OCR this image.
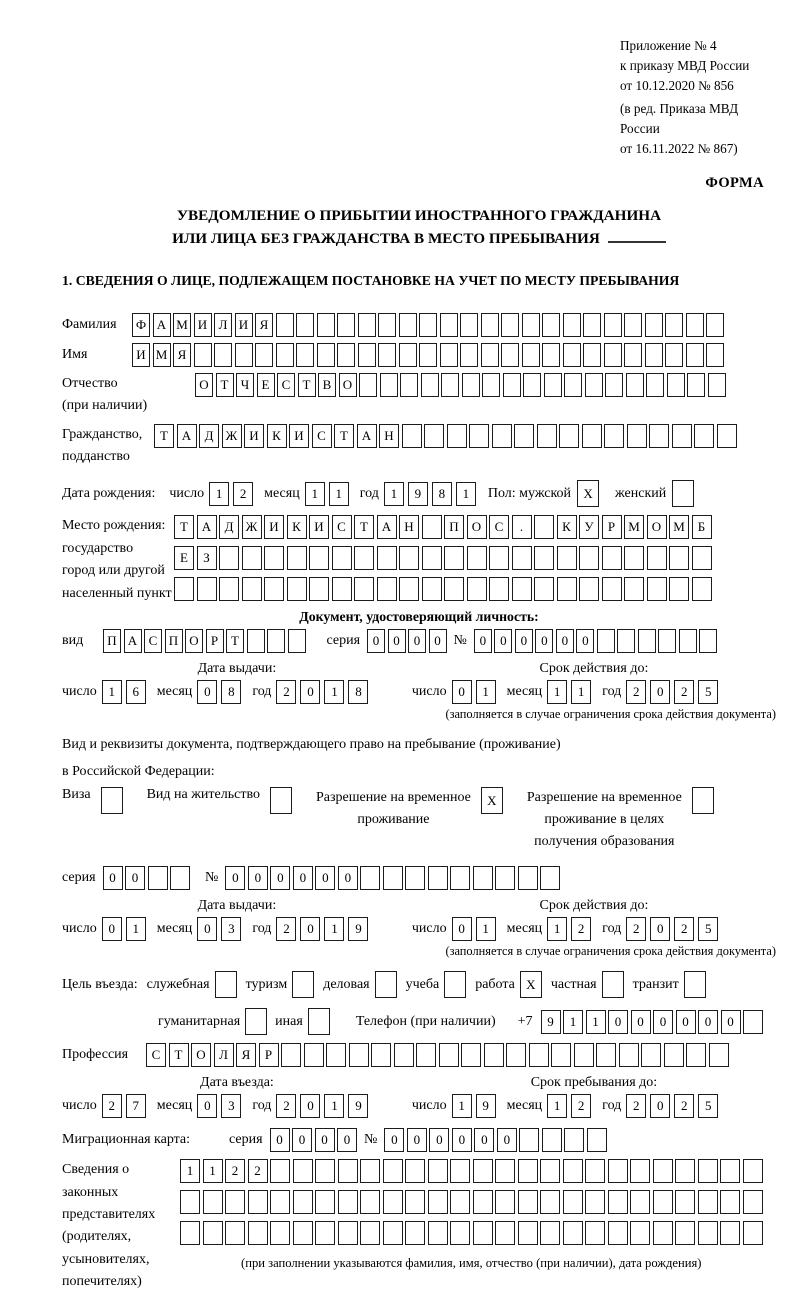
Приложение № 4
к приказу МВД России
от 10.12.2020 № 856
(в ред. Приказа МВД России
от 16.11.2022 № 867)
ФОРМА
УВЕДОМЛЕНИЕ О ПРИБЫТИИ ИНОСТРАННОГО ГРАЖДАНИНА
ИЛИ ЛИЦА БЕЗ ГРАЖДАНСТВА В МЕСТО ПРЕБЫВАНИЯ
1. СВЕДЕНИЯ О ЛИЦЕ, ПОДЛЕЖАЩЕМ ПОСТАНОВКЕ НА УЧЕТ ПО МЕСТУ ПРЕБЫВАНИЯ
Фамилия	Ф А М И Л И Я
Имя	И М Я
Отчество
(при наличии)
О Т Ч Е С Т В О
Гражданство,
подданство
Т	А	Д Ж И	К	И	С	Т	А	Н
Дата рождения: число 1	2	месяц 1	1	год 1	9	8	1	Пол: мужской X	женский
Место рождения:
государство
город или другой
населенный пункт
Т	А	Д Ж И	К	И	С	Т	А	Н	П	О	С	.	К	У	Р	М О М Б
Е	З
Документ, удостоверяющий личность:
вид	П А С П О Р Т	серия 0	0	0	0 № 0	0	0	0	0	0
Дата выдачи:
число 1	6	месяц 0	8	год 2	0	1	8
Срок действия до:
число 0	1	месяц 1	1	год 2	0	2	5
(заполняется в случае ограничения срока действия документа)
Вид и реквизиты документа, подтверждающего право на пребывание (проживание)
в Российской Федерации:
Виза	Вид на жительство	Разрешение на временное
проживание
X	Разрешение на временное
проживание в целях
получения образования
серия	0	0	№	0	0	0	0	0	0
Дата выдачи:
число 0	1	месяц 0	3	год 2	0	1	9
Срок действия до:
число 0	1	месяц 1	2	год 2	0	2	5
(заполняется в случае ограничения срока действия документа)
Цель въезда: служебная	туризм	деловая	учеба	работа X	частная	транзит
гуманитарная	иная	Телефон (при наличии) +7	9	1	1	0	0	0	0	0	0
Профессия	С	Т	О	Л	Я	Р
Дата въезда:
число 2	7	месяц 0	3	год 2	0	1	9
Срок пребывания до:
число 1	9	месяц 1	2	год 2	0	2	5
Миграционная карта:	серия	0	0	0	0 №	0	0	0	0	0	0
Сведения о
законных
представителях
(родителях,
усыновителях,
попечителях)
1	1	2	2
(при заполнении указываются фамилия, имя, отчество (при наличии), дата рождения)
